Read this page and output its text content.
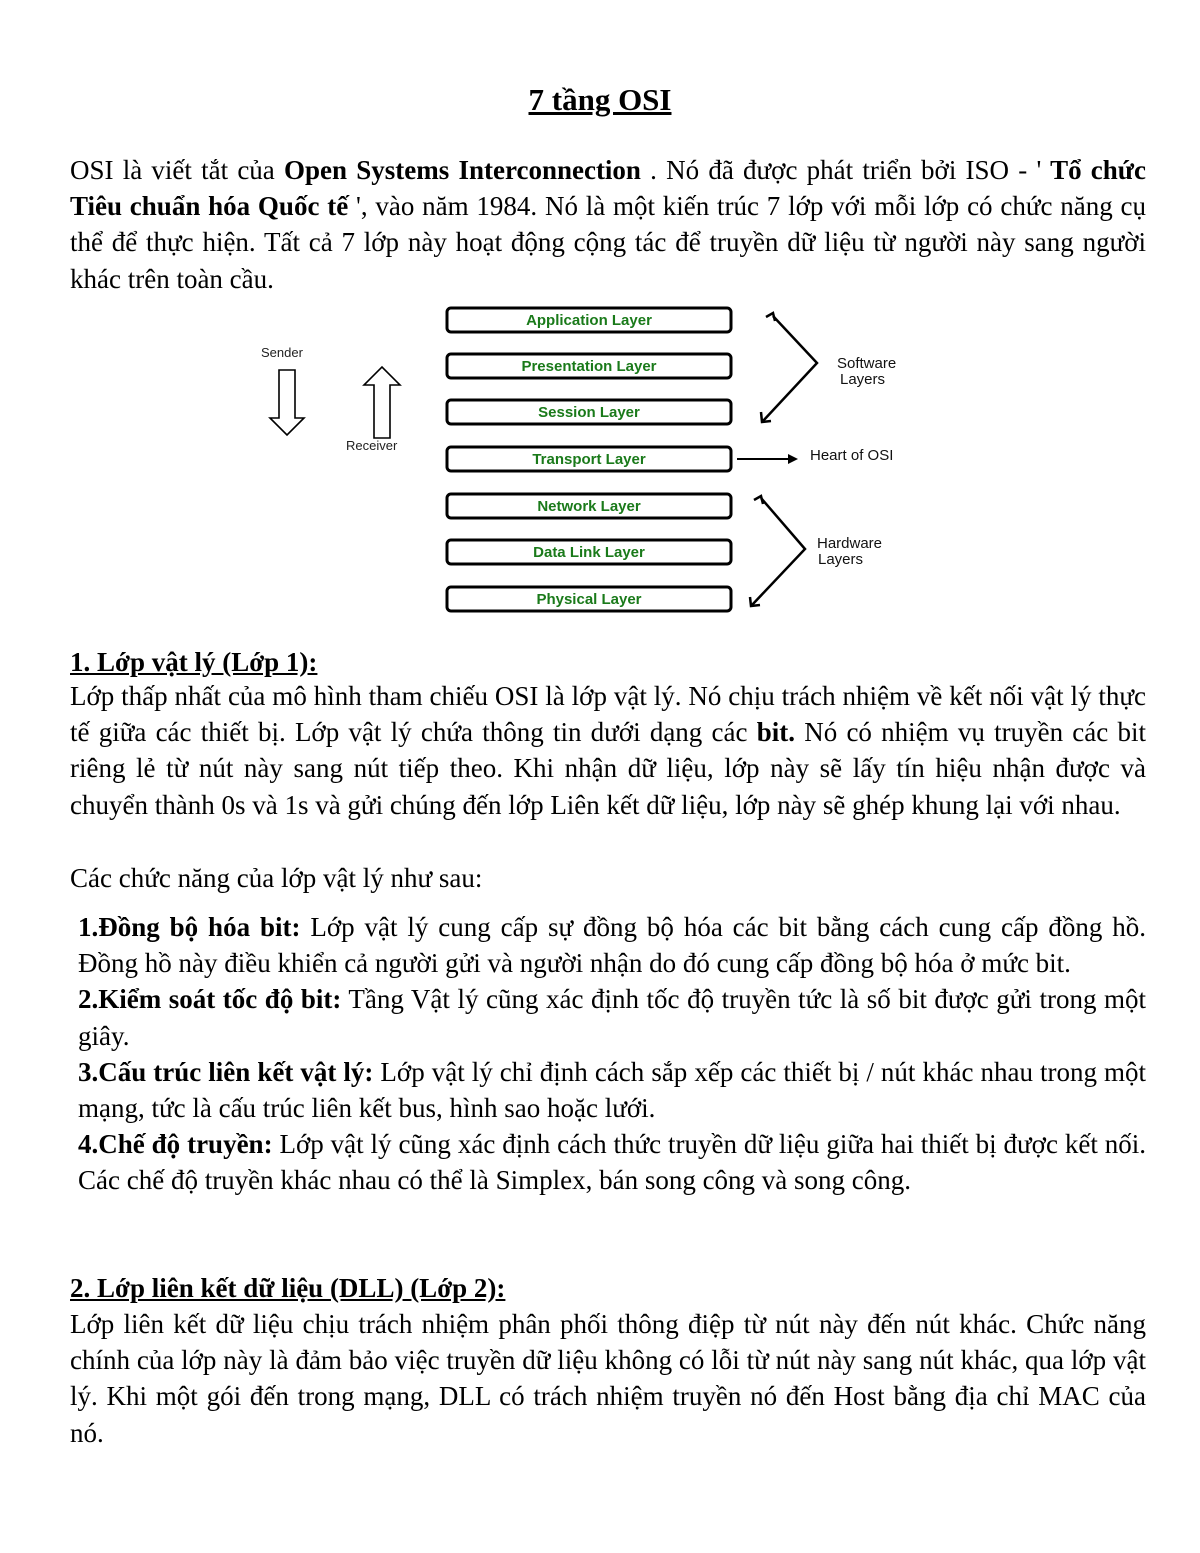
7 tầng OSI

OSI là viết tắt của Open Systems Interconnection . Nó đã được phát triển bởi ISO - ' Tổ chức Tiêu chuẩn hóa Quốc tế ', vào năm 1984. Nó là một kiến trúc 7 lớp với mỗi lớp có chức năng cụ thể để thực hiện. Tất cả 7 lớp này hoạt động cộng tác để truyền dữ liệu từ người này sang người khác trên toàn cầu.

Application Layer
Presentation Layer
Session Layer
Transport Layer
Network Layer
Data Link Layer
Physical Layer
Sender
Receiver
Software
Layers
Heart of OSI
Hardware
Layers
1. Lớp vật lý (Lớp 1):

Lớp thấp nhất của mô hình tham chiếu OSI là lớp vật lý. Nó chịu trách nhiệm về kết nối vật lý thực tế giữa các thiết bị. Lớp vật lý chứa thông tin dưới dạng các bit. Nó có nhiệm vụ truyền các bit riêng lẻ từ nút này sang nút tiếp theo. Khi nhận dữ liệu, lớp này sẽ lấy tín hiệu nhận được và chuyển thành 0s và 1s và gửi chúng đến lớp Liên kết dữ liệu, lớp này sẽ ghép khung lại với nhau.

Các chức năng của lớp vật lý như sau:

1.Đồng bộ hóa bit: Lớp vật lý cung cấp sự đồng bộ hóa các bit bằng cách cung cấp đồng hồ. Đồng hồ này điều khiển cả người gửi và người nhận do đó cung cấp đồng bộ hóa ở mức bit.

2.Kiểm soát tốc độ bit: Tầng Vật lý cũng xác định tốc độ truyền tức là số bit được gửi trong một giây.

3.Cấu trúc liên kết vật lý: Lớp vật lý chỉ định cách sắp xếp các thiết bị / nút khác nhau trong một mạng, tức là cấu trúc liên kết bus, hình sao hoặc lưới.

4.Chế độ truyền: Lớp vật lý cũng xác định cách thức truyền dữ liệu giữa hai thiết bị được kết nối. Các chế độ truyền khác nhau có thể là Simplex, bán song công và song công.

2. Lớp liên kết dữ liệu (DLL) (Lớp 2):

Lớp liên kết dữ liệu chịu trách nhiệm phân phối thông điệp từ nút này đến nút khác. Chức năng chính của lớp này là đảm bảo việc truyền dữ liệu không có lỗi từ nút này sang nút khác, qua lớp vật lý. Khi một gói đến trong mạng, DLL có trách nhiệm truyền nó đến Host bằng địa chỉ MAC của nó.
